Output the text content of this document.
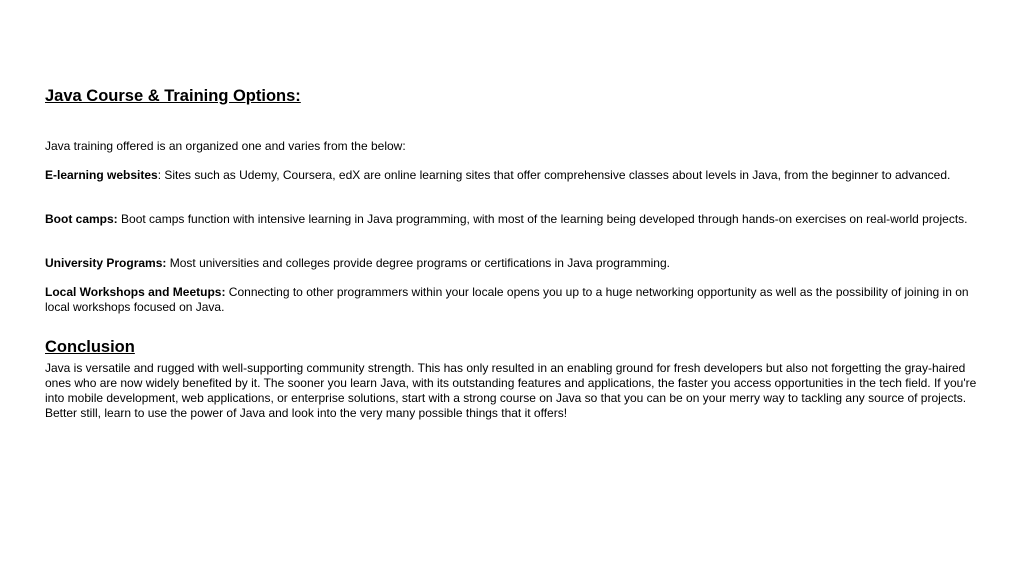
Java Course & Training Options:

Java training offered is an organized one and varies from the below:

E-learning websites: Sites such as Udemy, Coursera, edX are online learning sites that offer comprehensive classes about levels in Java, from the beginner to advanced.

Boot camps: Boot camps function with intensive learning in Java programming, with most of the learning being developed through hands-on exercises on real-world projects.

University Programs: Most universities and colleges provide degree programs or certifications in Java programming.

Local Workshops and Meetups: Connecting to other programmers within your locale opens you up to a huge networking opportunity as well as the possibility of joining in on local workshops focused on Java.

Conclusion

Java is versatile and rugged with well-supporting community strength. This has only resulted in an enabling ground for fresh developers but also not forgetting the gray-haired ones who are now widely benefited by it. The sooner you learn Java, with its outstanding features and applications, the faster you access opportunities in the tech field. If you're into mobile development, web applications, or enterprise solutions, start with a strong course on Java so that you can be on your merry way to tackling any source of projects. Better still, learn to use the power of Java and look into the very many possible things that it offers!
